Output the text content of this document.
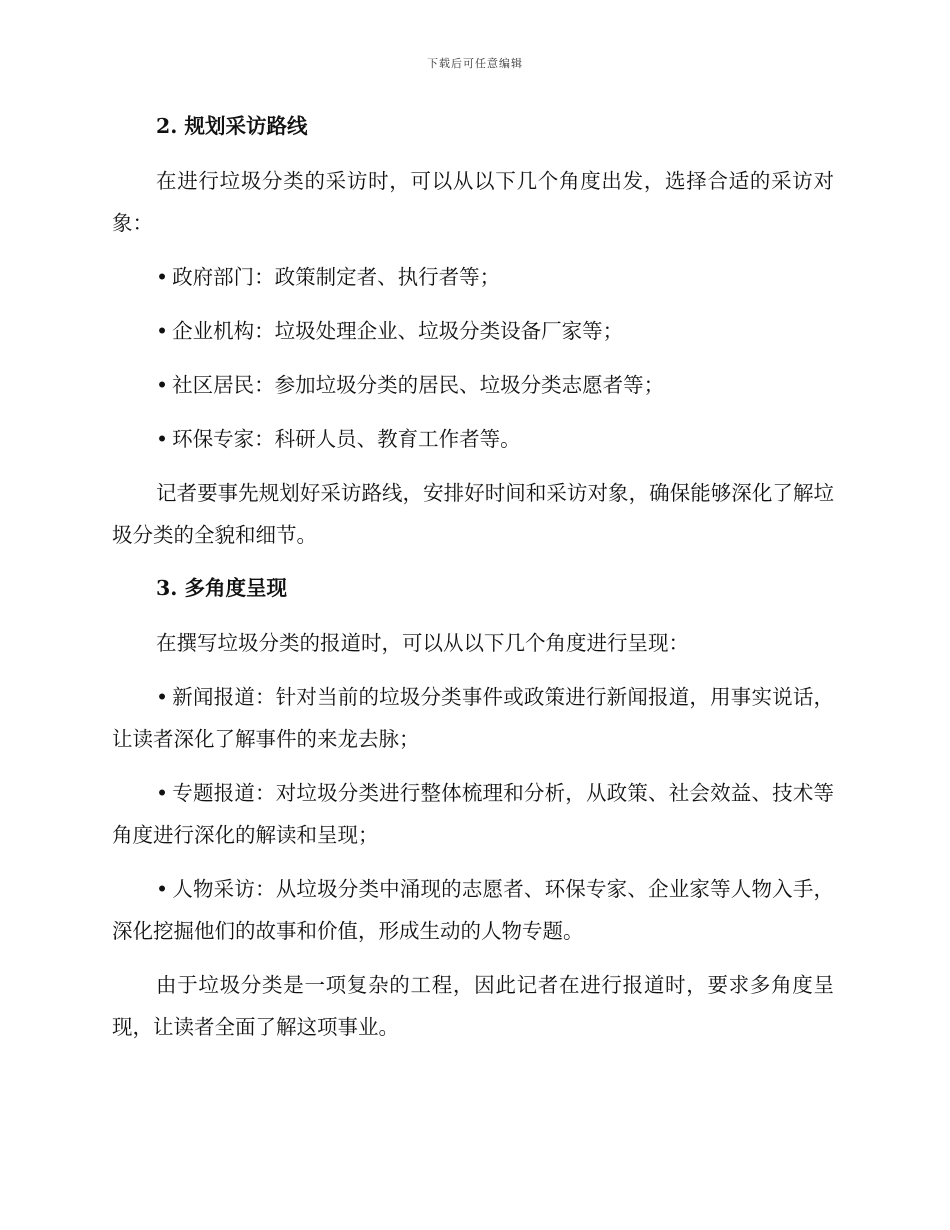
下载后可任意编辑
2. 规划采访路线

在进行垃圾分类的采访时，可以从以下几个角度出发，选择合适的采访对象：

• 政府部门：政策制定者、执行者等；

• 企业机构：垃圾处理企业、垃圾分类设备厂家等；

• 社区居民：参加垃圾分类的居民、垃圾分类志愿者等；

• 环保专家：科研人员、教育工作者等。

记者要事先规划好采访路线，安排好时间和采访对象，确保能够深化了解垃圾分类的全貌和细节。

3. 多角度呈现

在撰写垃圾分类的报道时，可以从以下几个角度进行呈现：

• 新闻报道：针对当前的垃圾分类事件或政策进行新闻报道，用事实说话，让读者深化了解事件的来龙去脉；

• 专题报道：对垃圾分类进行整体梳理和分析，从政策、社会效益、技术等角度进行深化的解读和呈现；

• 人物采访：从垃圾分类中涌现的志愿者、环保专家、企业家等人物入手，深化挖掘他们的故事和价值，形成生动的人物专题。

由于垃圾分类是一项复杂的工程，因此记者在进行报道时，要求多角度呈现，让读者全面了解这项事业。
